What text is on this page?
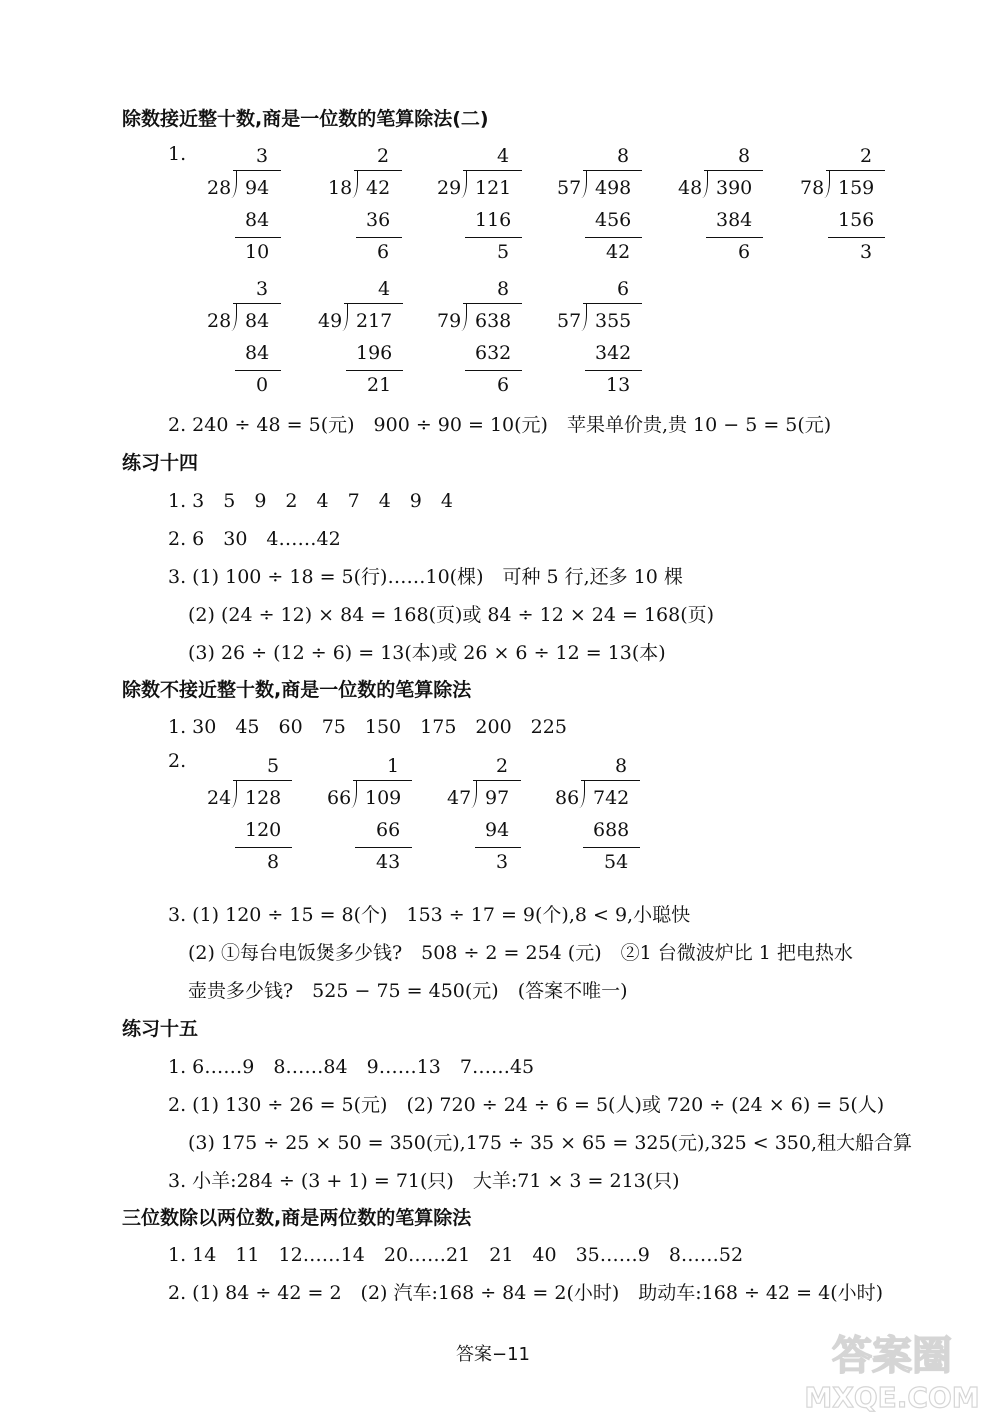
除数接近整十数,商是一位数的笔算除法(二)
1.
28 94
3
84
10
18 42
2
36
6
29 121
4
116
5
57 498
8
456
42
48 390
8
384
6
78 159
2
156
3
28 84
3
84
0
49 217
4
196
21
79 638
8
632
6
57 355
6
342
13
2. 240 ÷ 48 = 5(元)　900 ÷ 90 = 10(元)　苹果单价贵,贵 10 − 5 = 5(元)
练习十四
1. 3　5　9　2　4　7　4　9　4
2. 6　30　4……42
3. (1) 100 ÷ 18 = 5(行)……10(棵)　可种 5 行,还多 10 棵
(2) (24 ÷ 12) × 84 = 168(页)或 84 ÷ 12 × 24 = 168(页)
(3) 26 ÷ (12 ÷ 6) = 13(本)或 26 × 6 ÷ 12 = 13(本)
除数不接近整十数,商是一位数的笔算除法
1. 30　45　60　75　150　175　200　225
2.
24 128
5
120
8
66 109
1
66
43
47 97
2
94
3
86 742
8
688
54
3. (1) 120 ÷ 15 = 8(个)　153 ÷ 17 = 9(个),8 < 9,小聪快
(2) ①每台电饭煲多少钱?　508 ÷ 2 = 254 (元)　②1 台微波炉比 1 把电热水
壶贵多少钱?　525 − 75 = 450(元)　(答案不唯一)
练习十五
1. 6……9　8……84　9……13　7……45
2. (1) 130 ÷ 26 = 5(元)　(2) 720 ÷ 24 ÷ 6 = 5(人)或 720 ÷ (24 × 6) = 5(人)
(3) 175 ÷ 25 × 50 = 350(元),175 ÷ 35 × 65 = 325(元),325 < 350,租大船合算
3. 小羊:284 ÷ (3 + 1) = 71(只)　大羊:71 × 3 = 213(只)
三位数除以两位数,商是两位数的笔算除法
1. 14　11　12……14　20……21　21　40　35……9　8……52
2. (1) 84 ÷ 42 = 2　(2) 汽车:168 ÷ 84 = 2(小时)　助动车:168 ÷ 42 = 4(小时)
答案−11	答案圈
MXQE.COM
